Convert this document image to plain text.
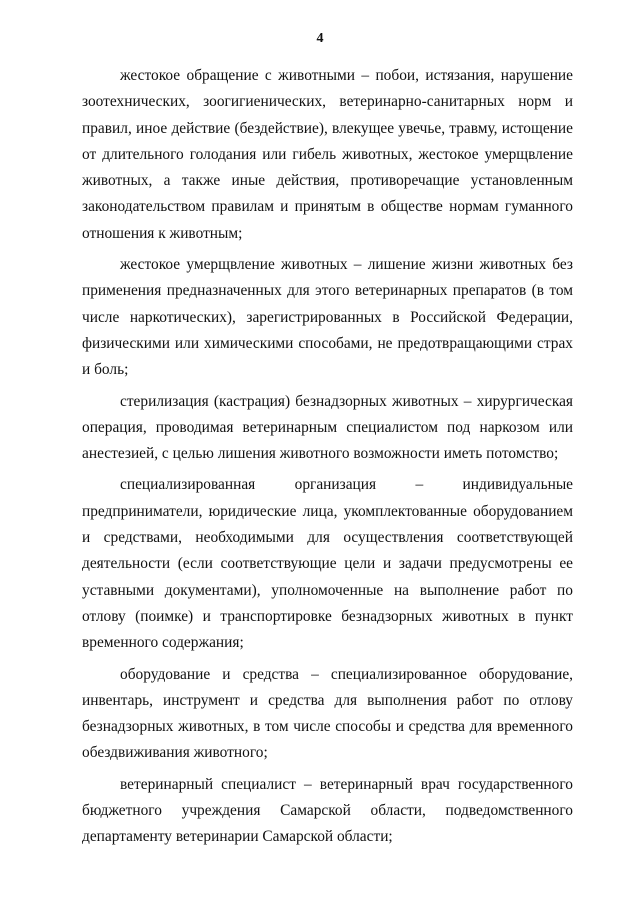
4

жестокое обращение с животными – побои, истязания, нарушение зоотехнических, зоогигиенических, ветеринарно-санитарных норм и правил, иное действие (бездействие), влекущее увечье, травму, истощение от длительного голодания или гибель животных, жестокое умерщвление животных, а также иные действия, противоречащие установленным законодательством правилам и принятым в обществе нормам гуманного отношения к животным;

жестокое умерщвление животных – лишение жизни животных без применения предназначенных для этого ветеринарных препаратов (в том числе наркотических), зарегистрированных в Российской Федерации, физическими или химическими способами, не предотвращающими страх и боль;

стерилизация (кастрация) безнадзорных животных – хирургическая операция, проводимая ветеринарным специалистом под наркозом или анестезией, с целью лишения животного возможности иметь потомство;

специализированная организация – индивидуальные предприниматели, юридические лица, укомплектованные оборудованием и средствами, необходимыми для осуществления соответствующей деятельности (если соответствующие цели и задачи предусмотрены ее уставными документами), уполномоченные на выполнение работ по отлову (поимке) и транспортировке безнадзорных животных в пункт временного содержания;

оборудование и средства – специализированное оборудование, инвентарь, инструмент и средства для выполнения работ по отлову безнадзорных животных, в том числе способы и средства для временного обездвиживания животного;

ветеринарный специалист – ветеринарный врач государственного бюджетного учреждения Самарской области, подведомственного департаменту ветеринарии Самарской области;
